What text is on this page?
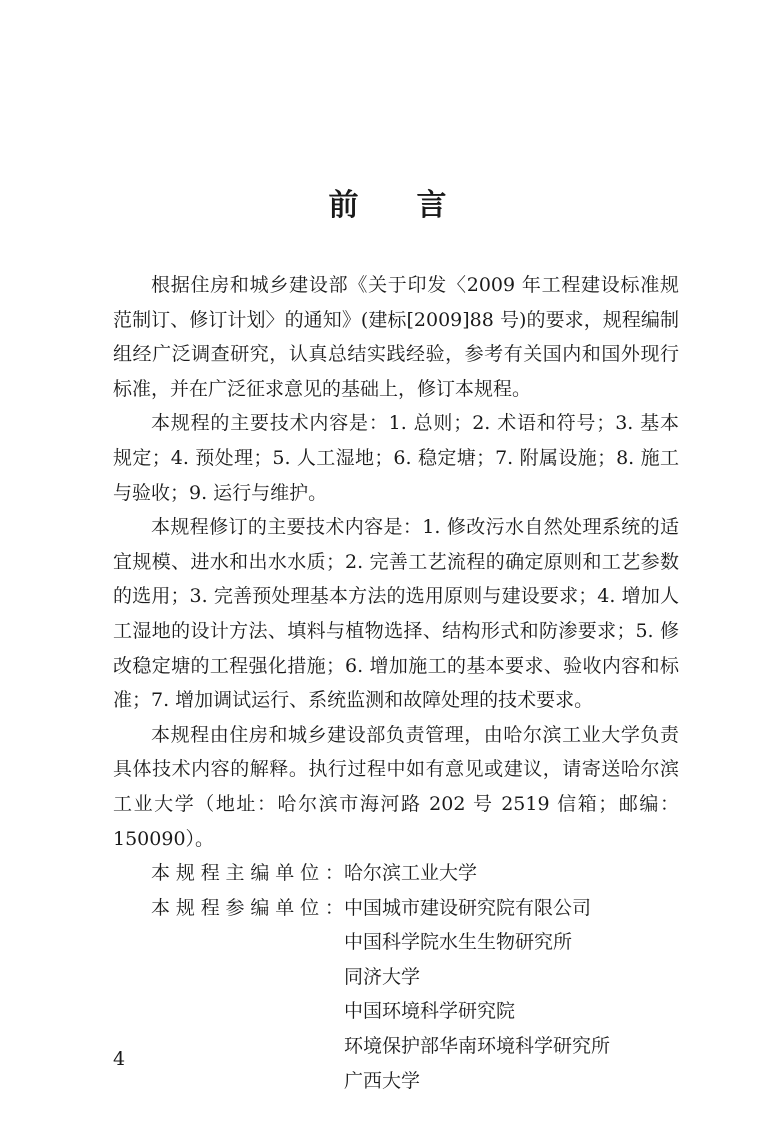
前言

根据住房和城乡建设部《关于印发〈2009 年工程建设标准规范制订、修订计划〉的通知》(建标[2009]88 号)的要求，规程编制组经广泛调查研究，认真总结实践经验，参考有关国内和国外现行标准，并在广泛征求意见的基础上，修订本规程。

本规程的主要技术内容是：1. 总则；2. 术语和符号；3. 基本规定；4. 预处理；5. 人工湿地；6. 稳定塘；7. 附属设施；8. 施工与验收；9. 运行与维护。

本规程修订的主要技术内容是：1. 修改污水自然处理系统的适宜规模、进水和出水水质；2. 完善工艺流程的确定原则和工艺参数的选用；3. 完善预处理基本方法的选用原则与建设要求；4. 增加人工湿地的设计方法、填料与植物选择、结构形式和防渗要求；5. 修改稳定塘的工程强化措施；6. 增加施工的基本要求、验收内容和标准；7. 增加调试运行、系统监测和故障处理的技术要求。

本规程由住房和城乡建设部负责管理，由哈尔滨工业大学负责具体技术内容的解释。执行过程中如有意见或建议，请寄送哈尔滨工业大学（地址：哈尔滨市海河路 202 号 2519 信箱；邮编：150090）。

本 规 程 主 编 单 位 ： 哈尔滨工业大学
本 规 程 参 编 单 位 ： 中国城市建设研究院有限公司
中国科学院水生生物研究所
同济大学
中国环境科学研究院
环境保护部华南环境科学研究所
广西大学
4
